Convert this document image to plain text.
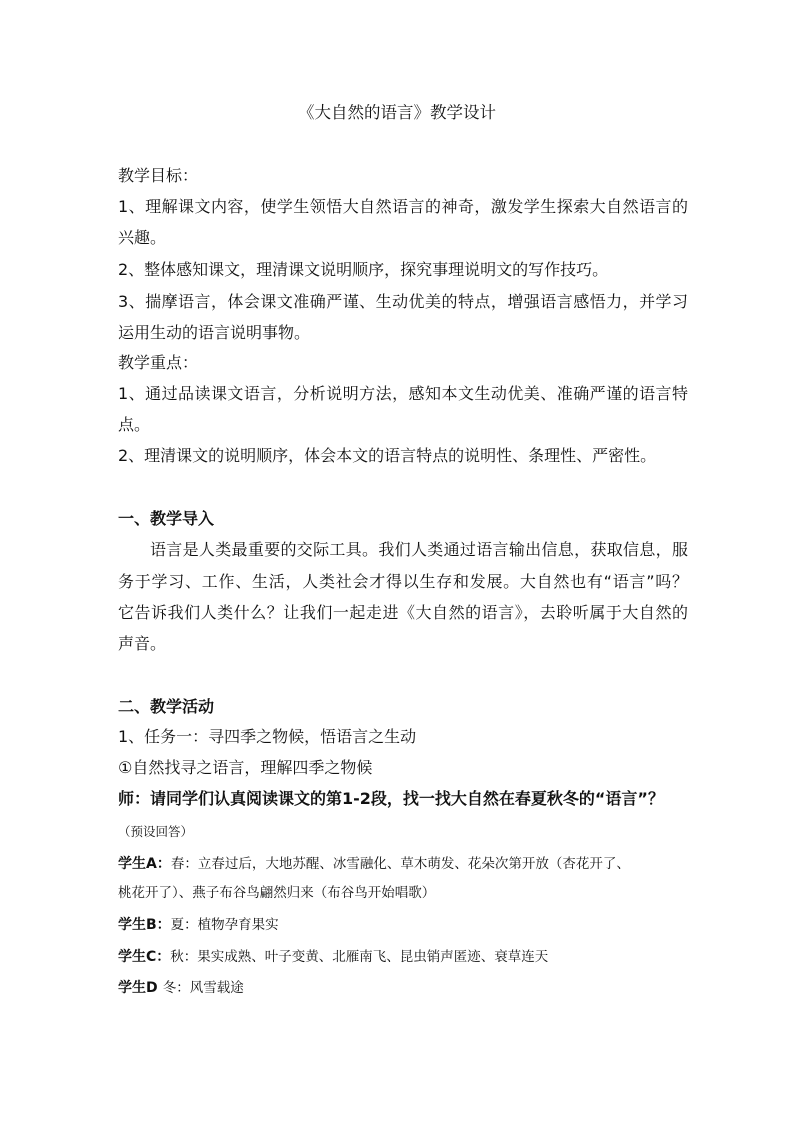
《大自然的语言》教学设计
教学目标：
1、理解课文内容，使学生领悟大自然语言的神奇，激发学生探索大自然语言的
兴趣。
2、整体感知课文，理清课文说明顺序，探究事理说明文的写作技巧。
3、揣摩语言，体会课文准确严谨、生动优美的特点，增强语言感悟力，并学习
运用生动的语言说明事物。
教学重点：
1、通过品读课文语言，分析说明方法，感知本文生动优美、准确严谨的语言特
点。
2、理清课文的说明顺序，体会本文的语言特点的说明性、条理性、严密性。
一、教学导入
语言是人类最重要的交际工具。我们人类通过语言输出信息，获取信息，服
务于学习、工作、生活，人类社会才得以生存和发展。大自然也有“语言”吗？
它告诉我们人类什么？让我们一起走进《大自然的语言》，去聆听属于大自然的
声音。
二、教学活动
1、任务一：寻四季之物候，悟语言之生动
①自然找寻之语言，理解四季之物候
师：请同学们认真阅读课文的第1-2段，找一找大自然在春夏秋冬的“语言”？
（预设回答）
学生A：春：立春过后，大地苏醒、冰雪融化、草木萌发、花朵次第开放（杏花开了、
桃花开了）、燕子布谷鸟翩然归来（布谷鸟开始唱歌）
学生B：夏：植物孕育果实
学生C：秋：果实成熟、叶子变黄、北雁南飞、昆虫销声匿迹、衰草连天
学生D 冬：风雪载途
